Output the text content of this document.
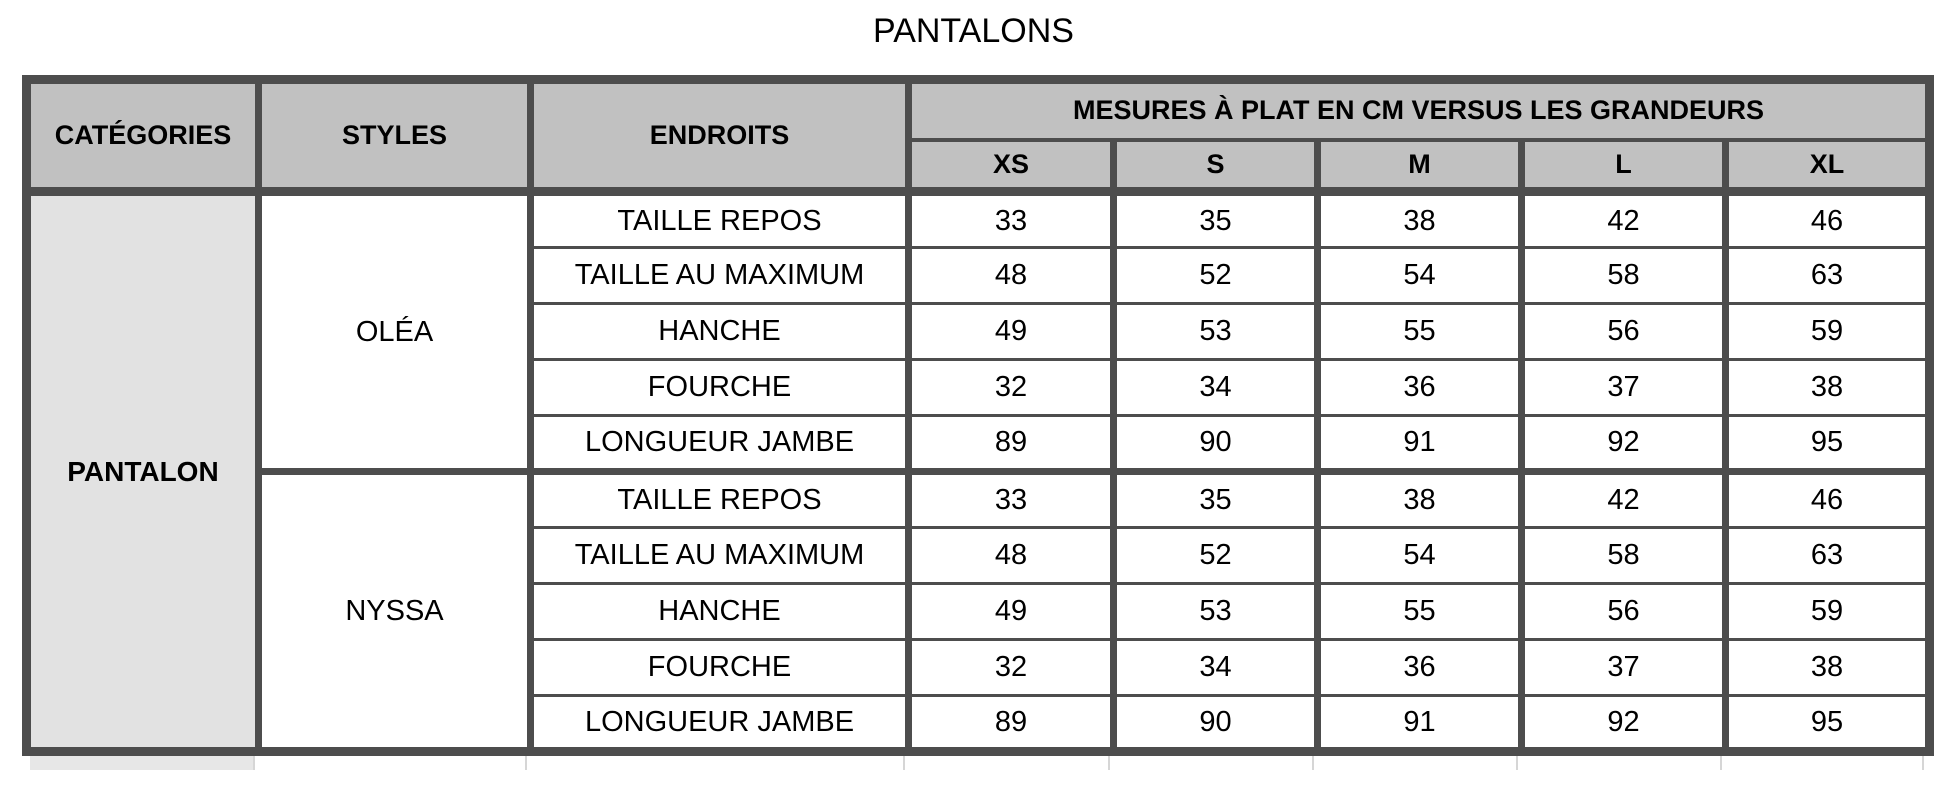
PANTALONS
CATÉGORIES	STYLES	ENDROITS	MESURES À PLAT EN CM VERSUS LES GRANDEURS				
			XS	S	M	L	XL
PANTALON	OLÉA	TAILLE REPOS	33	35	38	42	46
		TAILLE AU MAXIMUM	48	52	54	58	63
		HANCHE	49	53	55	56	59
		FOURCHE	32	34	36	37	38
		LONGUEUR JAMBE	89	90	91	92	95
	NYSSA	TAILLE REPOS	33	35	38	42	46
		TAILLE AU MAXIMUM	48	52	54	58	63
		HANCHE	49	53	55	56	59
		FOURCHE	32	34	36	37	38
		LONGUEUR JAMBE	89	90	91	92	95
